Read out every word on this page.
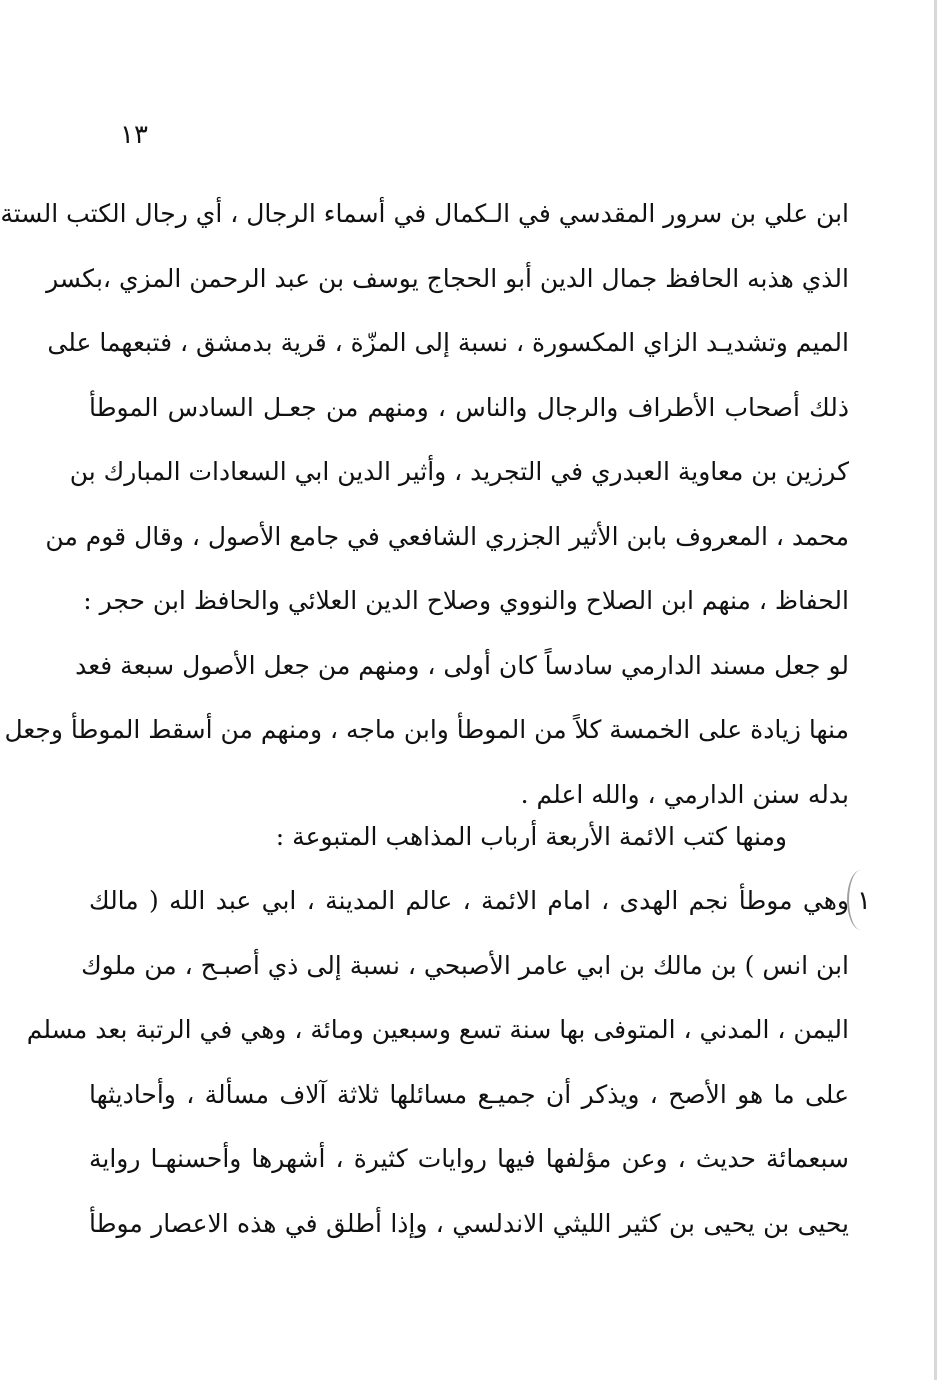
١٣
ابن علي بن سرور المقدسي في الـكمال في أسماء الرجال ، أي رجال الكتب الستة
الذي هذبه الحافظ جمال الدين أبو الحجاج يوسف بن عبد الرحمن المزي ،بكسر
الميم وتشديـد الزاي المكسورة ، نسبة إلى المزّة ، قرية بدمشق ، فتبعهما على
ذلك أصحاب الأطراف والرجال والناس ، ومنهم من جعـل السادس الموطأ
كرزين بن معاوية العبدري في التجريد ، وأثير الدين ابي السعادات المبارك بن
محمد ، المعروف بابن الأثير الجزري الشافعي في جامع الأصول ، وقال قوم من
الحفاظ ، منهم ابن الصلاح والنووي وصلاح الدين العلائي والحافظ ابن حجر :
لو جعل مسند الدارمي سادساً كان أولى ، ومنهم من جعل الأصول سبعة فعد
منها زيادة على الخمسة كلاً من الموطأ وابن ماجه ، ومنهم من أسقط الموطأ وجعل
بدله سنن الدارمي ، والله اعلم .
ومنها كتب الائمة الأربعة أرباب المذاهب المتبوعة :
١
وهي موطأ نجم الهدى ، امام الائمة ، عالم المدينة ، ابي عبد الله ( مالك
ابن انس ) بن مالك بن ابي عامر الأصبحي ، نسبة إلى ذي أصبـح ، من ملوك
اليمن ، المدني ، المتوفى بها سنة تسع وسبعين ومائة ، وهي في الرتبة بعد مسلم
على ما هو الأصح ، ويذكر أن جميـع مسائلها ثلاثة آلاف مسألة ، وأحاديثها
سبعمائة حديث ، وعن مؤلفها فيها روايات كثيرة ، أشهرها وأحسنهـا رواية
يحيى بن يحيى بن كثير الليثي الاندلسي ، وإذا أطلق في هذه الاعصار موطأ
